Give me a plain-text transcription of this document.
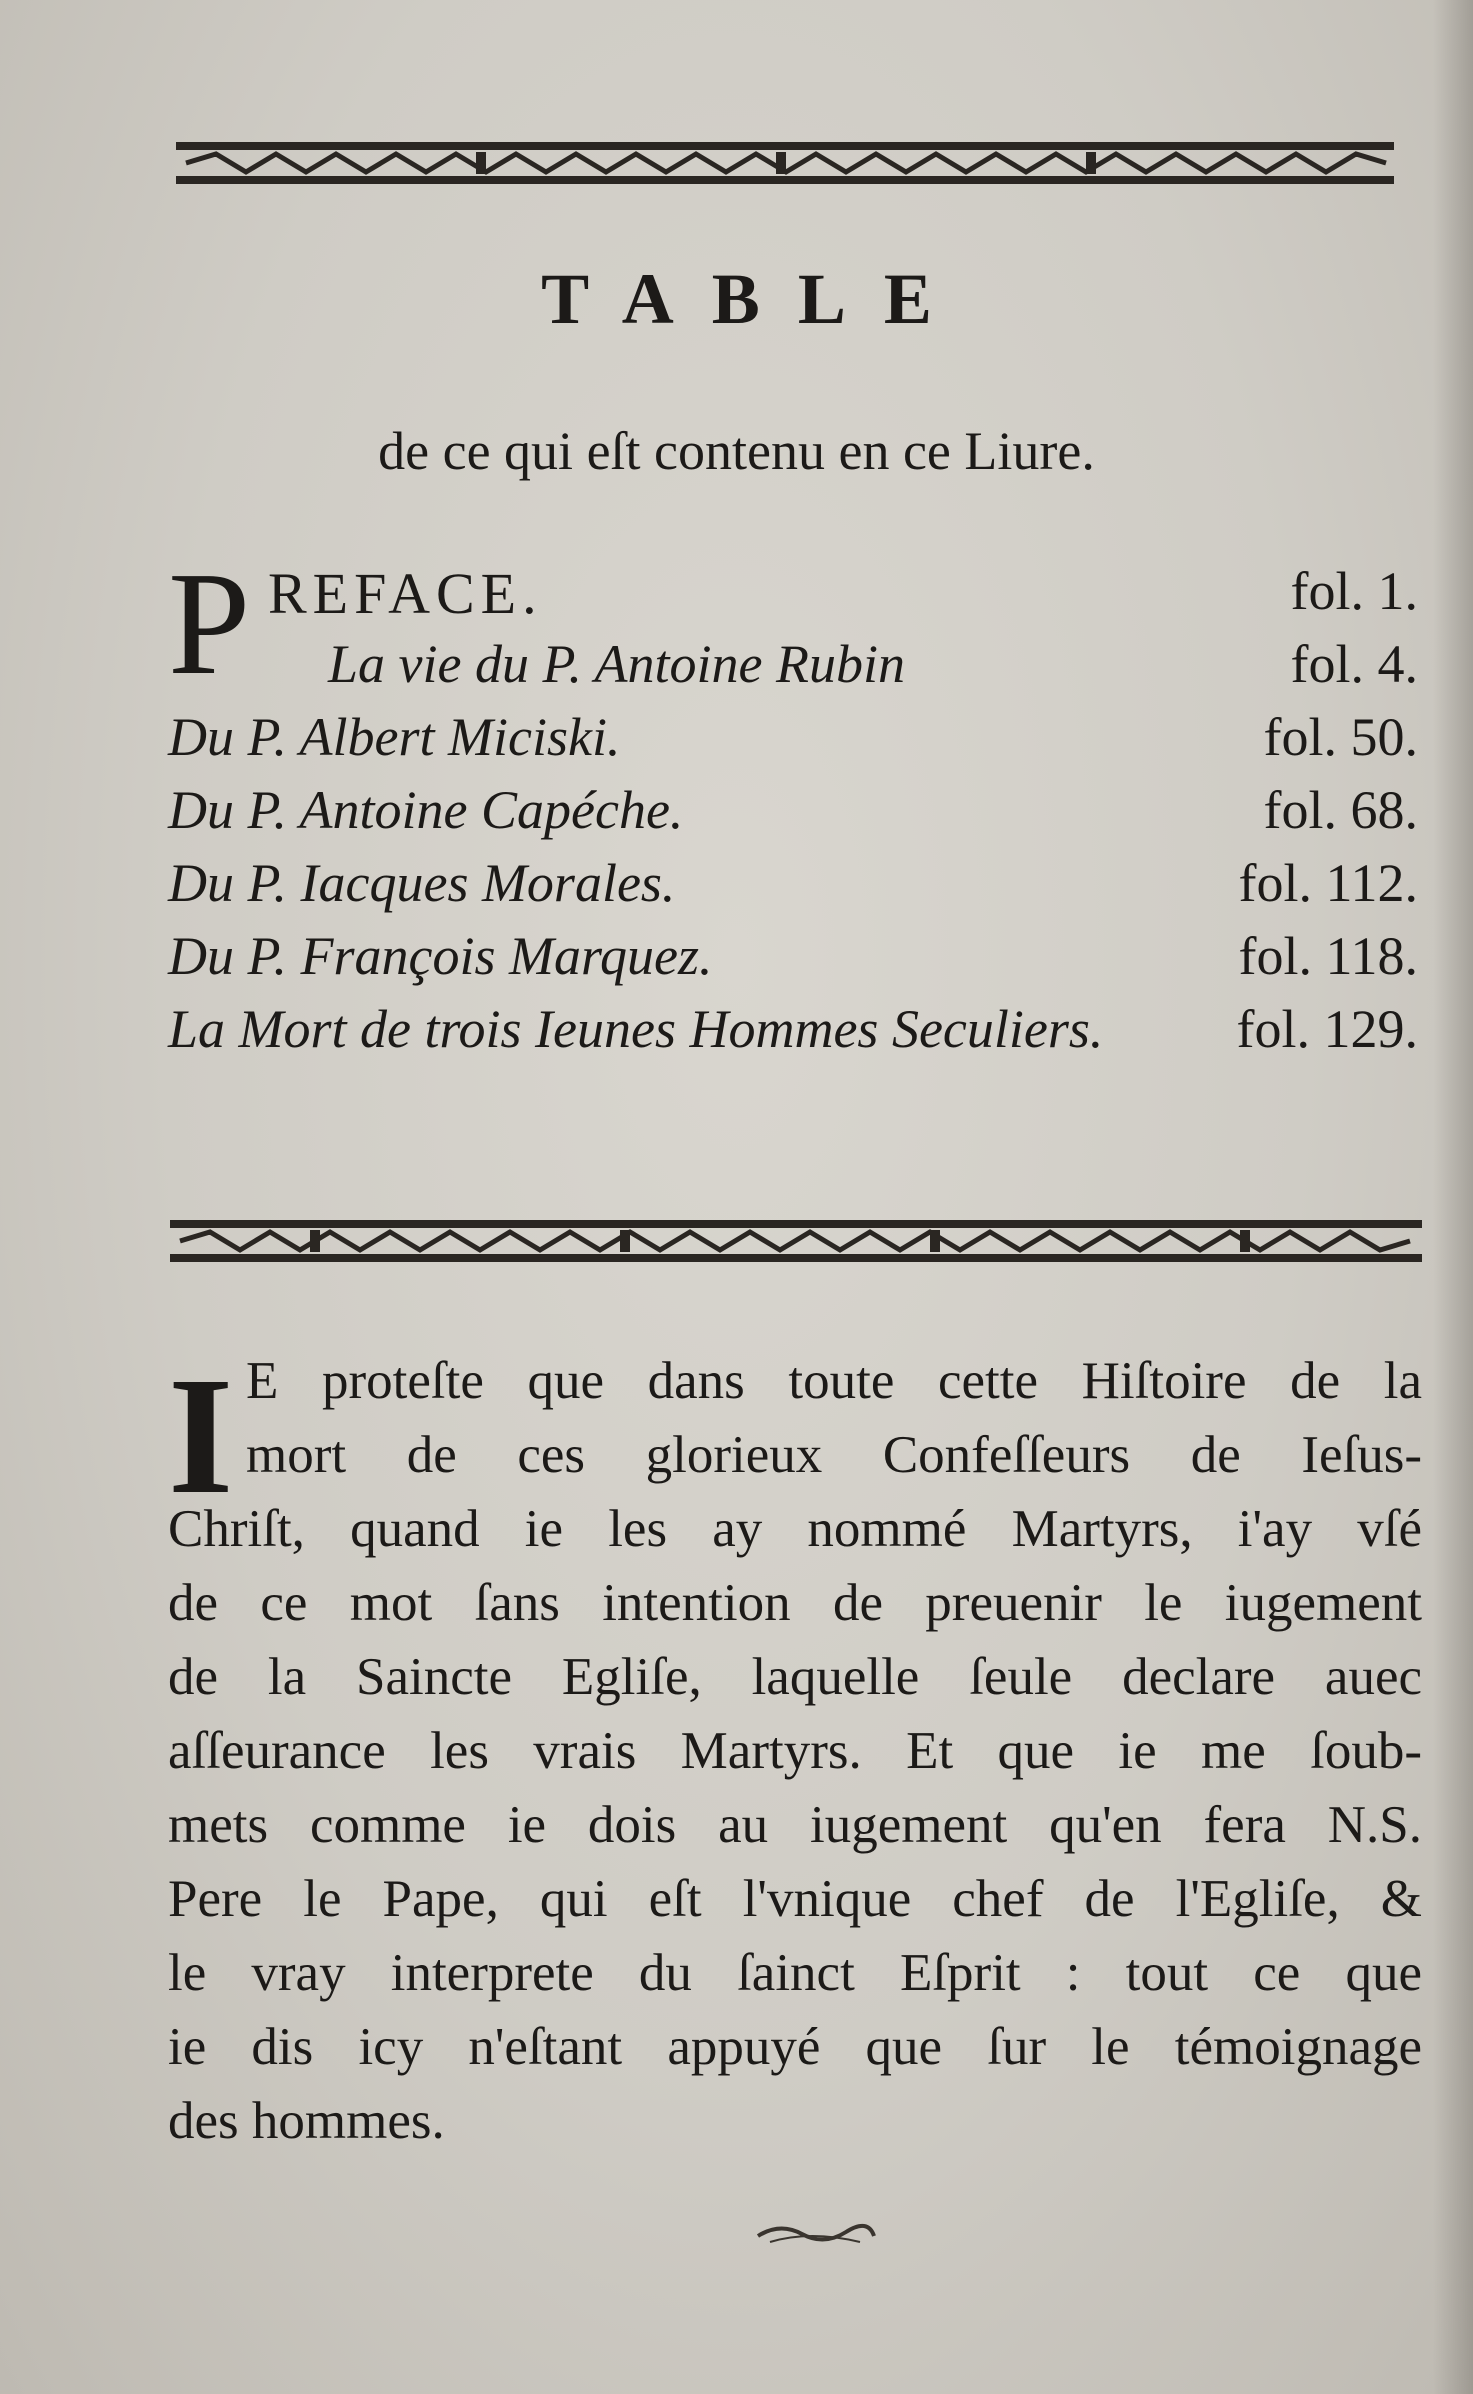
TABLE
de ce qui eſt contenu en ce Liure.
P REFACE.	fol. 1.
La vie du P. Antoine Rubin	fol. 4.
Du P. Albert Miciski.	fol. 50.
Du P. Antoine Capéche.	fol. 68.
Du P. Iacques Morales.	fol. 112.
Du P. François Marquez.	fol. 118.
La Mort de trois Ieunes Hommes Seculiers. fol. 129.
I E proteſte que dans toute cette Hiſtoire de la
mort de ces glorieux Confeſſeurs de Ieſus-
Chriſt, quand ie les ay nommé Martyrs, i'ay vſé
de ce mot ſans intention de preuenir le iugement
de la Saincte Egliſe, laquelle ſeule declare auec
aſſeurance les vrais Martyrs. Et que ie me ſoub-
mets comme ie dois au iugement qu'en fera N.S.
Pere le Pape, qui eſt l'vnique chef de l'Egliſe, &
le vray interprete du ſainct Eſprit : tout ce que
ie dis icy n'eſtant appuyé que ſur le témoignage
des hommes.
